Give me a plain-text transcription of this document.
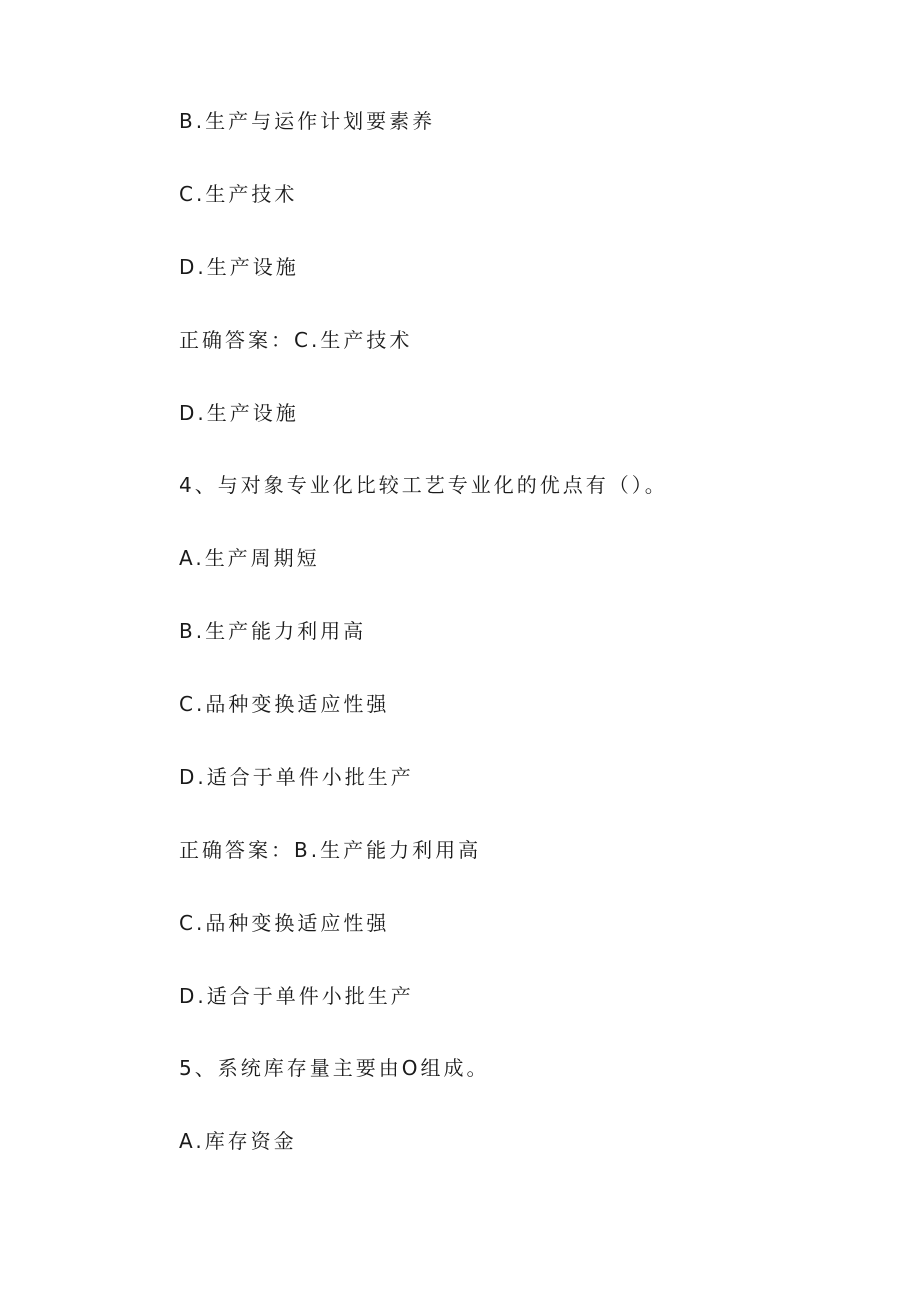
B.生产与运作计划要素养
C.生产技术
D.生产设施
正确答案：C.生产技术
D.生产设施
4、与对象专业化比较工艺专业化的优点有（）。
A.生产周期短
B.生产能力利用高
C.品种变换适应性强
D.适合于单件小批生产
正确答案：B.生产能力利用高
C.品种变换适应性强
D.适合于单件小批生产
5、系统库存量主要由O组成。
A.库存资金
